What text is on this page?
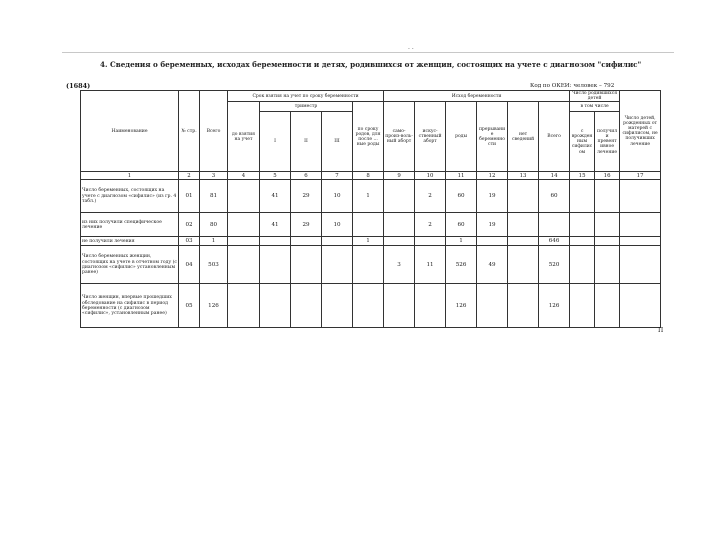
. .
4. Сведения о беременных, исходах беременности и детях, родившихся от женщин, состоящих на учете с диагнозом "сифилис"
(1684)	Код по ОКЕИ: человек – 792
Наименование	№ стр.	Всего	Срок взятия на учет по сроку беременности					Исход беременности						Число родившихся детей		Число детей, рожденных от матерей с сифилисом, не получивших лечение
			до взятия на учет	триместр			по сроку родов, для после ... ные роды	само-произ-воль-ный аборт	искус-ственный аборт	роды	прерывание беременности	нет сведений	Всего	в том числе		
				I	II	III								с врожденным сифилисом	получили превентивное лечение	

1	2	3	4	5	6	7	8	9	10	11	12	13	14	15	16	17
Число беременных, состоящих на учете с диагнозом «сифилис» (из гр. 4 табл.)	01	81		41	29	10	1		2	60	19		60			
из них получили специфическое лечение	02	80		41	29	10			2	60	19					
не получили лечения	03	1					1			1			646			
Число беременных женщин, состоящих на учете в отчетном году (с диагнозом «сифилис» установленным ранее)	04	503						3	11	526	49		520			
Число женщин, впервые прошедших обследование на сифилис в период беременности (с диагнозом «сифилис», установленным ранее)	05	126								126			126			
П
